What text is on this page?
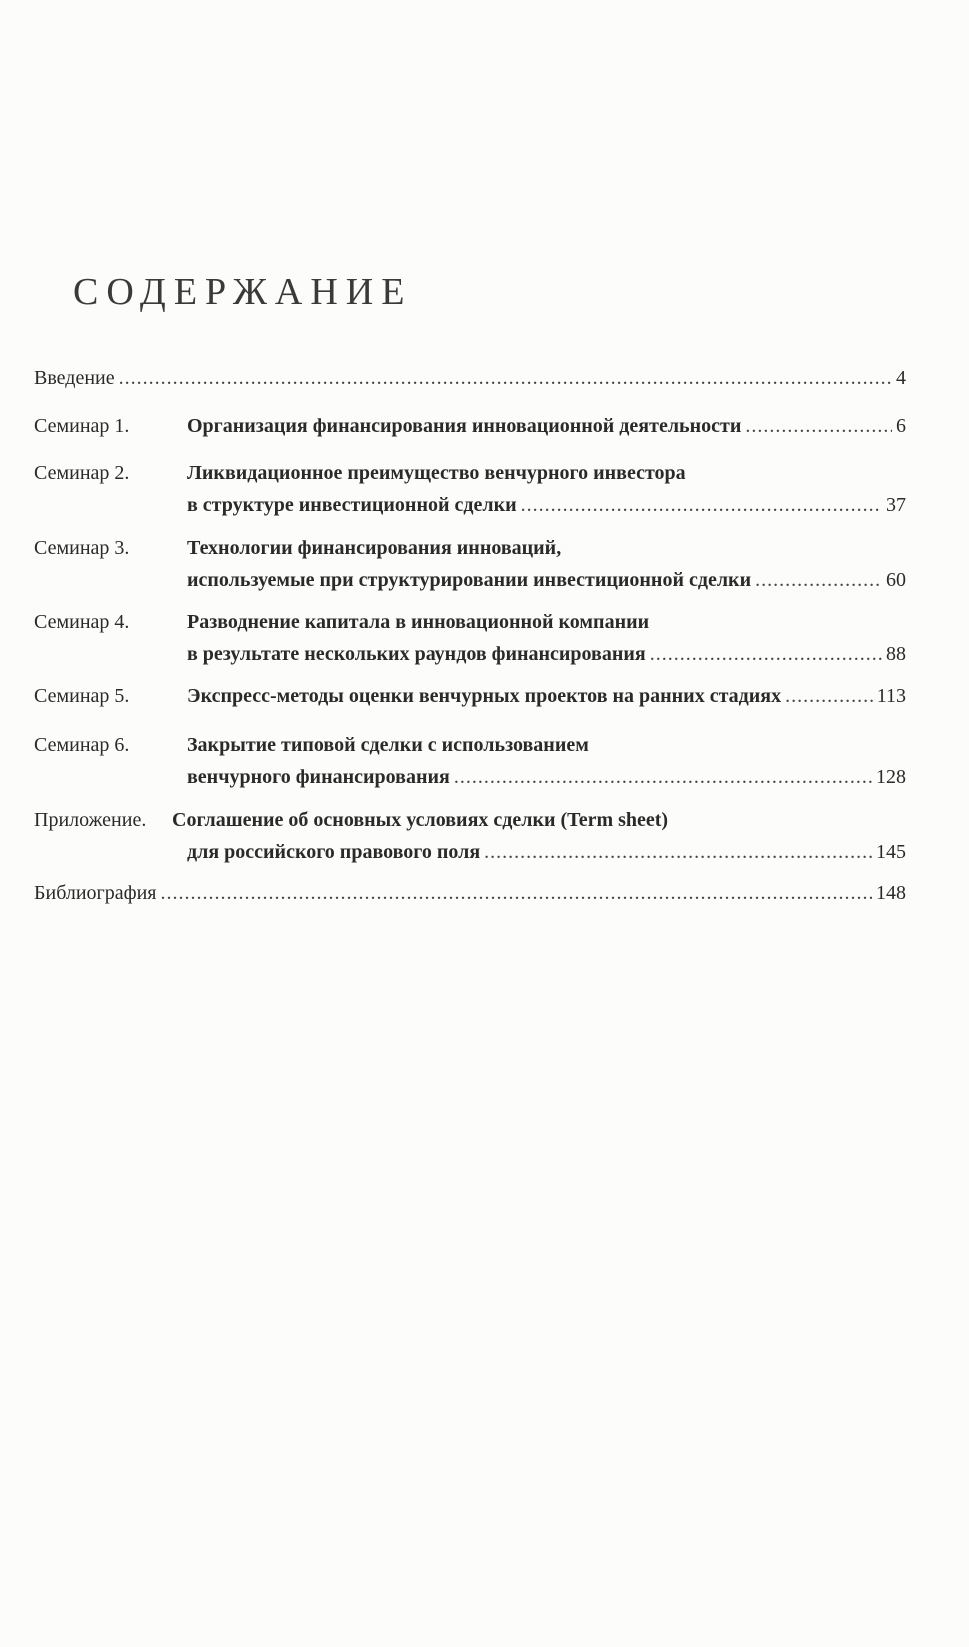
СОДЕРЖАНИЕ
Введение .....	4
Семинар 1.	Организация финансирования инновационной деятельности .....	6
Семинар 2.	Ликвидационное преимущество венчурного инвестора
в структуре инвестиционной сделки .....	37
Семинар 3.	Технологии финансирования инноваций,
используемые при структурировании инвестиционной сделки .....	60
Семинар 4.	Разводнение капитала в инновационной компании
в результате нескольких раундов финансирования .....	88
Семинар 5.	Экспресс-методы оценки венчурных проектов на ранних стадиях .....	113
Семинар 6.	Закрытие типовой сделки с использованием
венчурного финансирования .....	128
Приложение. Соглашение об основных условиях сделки (Term sheet)
для российского правового поля .....	145
Библиография .....	148
